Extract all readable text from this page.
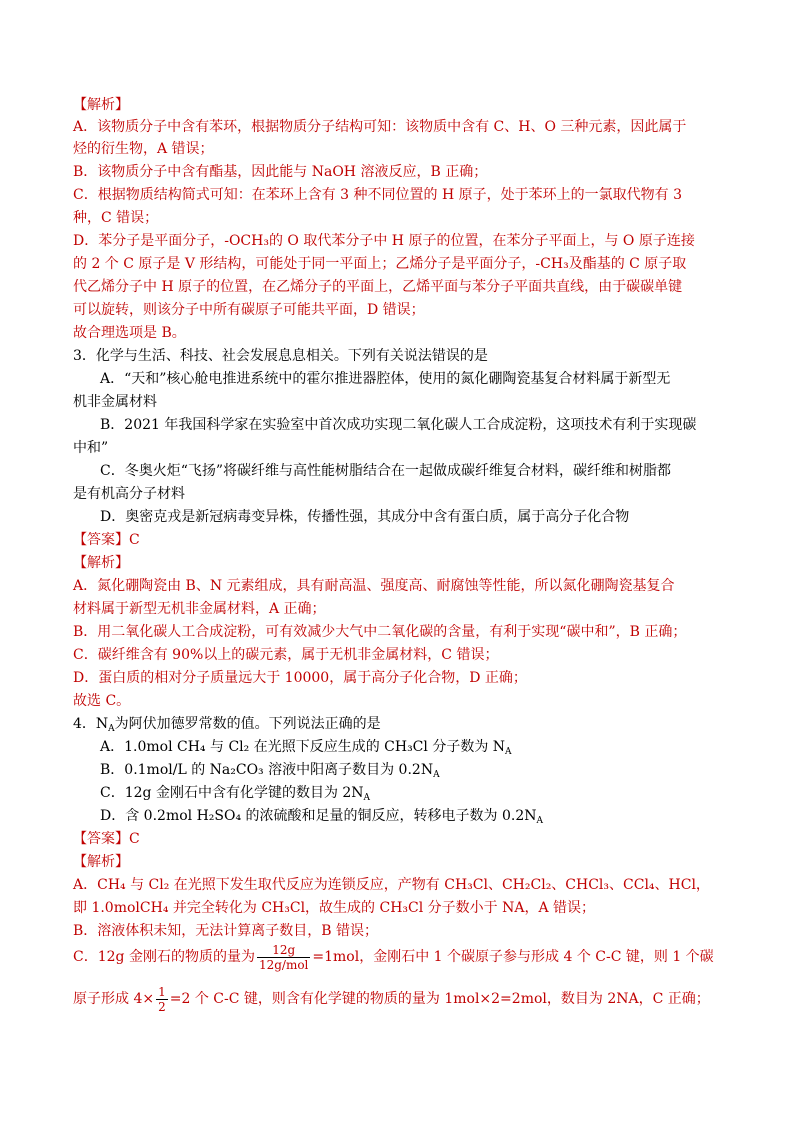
【解析】
A．该物质分子中含有苯环，根据物质分子结构可知：该物质中含有 C、H、O 三种元素，因此属于
烃的衍生物，A 错误；
B．该物质分子中含有酯基，因此能与 NaOH 溶液反应，B 正确；
C．根据物质结构简式可知：在苯环上含有 3 种不同位置的 H 原子，处于苯环上的一氯取代物有 3
种，C 错误；
D．苯分子是平面分子，-OCH₃的 O 取代苯分子中 H 原子的位置，在苯分子平面上，与 O 原子连接
的 2 个 C 原子是 V 形结构，可能处于同一平面上；乙烯分子是平面分子，-CH₃及酯基的 C 原子取
代乙烯分子中 H 原子的位置，在乙烯分子的平面上，乙烯平面与苯分子平面共直线，由于碳碳单键
可以旋转，则该分子中所有碳原子可能共平面，D 错误；
故合理选项是 B。
3．化学与生活、科技、社会发展息息相关。下列有关说法错误的是
A．“天和”核心舱电推进系统中的霍尔推进器腔体，使用的氮化硼陶瓷基复合材料属于新型无
机非金属材料
B．2021 年我国科学家在实验室中首次成功实现二氧化碳人工合成淀粉，这项技术有利于实现碳
中和”
C．冬奥火炬“飞扬”将碳纤维与高性能树脂结合在一起做成碳纤维复合材料，碳纤维和树脂都
是有机高分子材料
D．奥密克戎是新冠病毒变异株，传播性强，其成分中含有蛋白质，属于高分子化合物
【答案】C
【解析】
A．氮化硼陶瓷由 B、N 元素组成，具有耐高温、强度高、耐腐蚀等性能，所以氮化硼陶瓷基复合
材料属于新型无机非金属材料，A 正确；
B．用二氧化碳人工合成淀粉，可有效减少大气中二氧化碳的含量，有利于实现“碳中和”，B 正确；
C．碳纤维含有 90%以上的碳元素，属于无机非金属材料，C 错误；
D．蛋白质的相对分子质量远大于 10000，属于高分子化合物，D 正确；
故选 C。
4．$N_A$为阿伏加德罗常数的值。下列说法正确的是
A．1.0mol CH₄ 与 Cl₂ 在光照下反应生成的 CH₃Cl 分子数为 $N_A$
B．0.1mol/L 的 Na₂CO₃ 溶液中阳离子数目为 $0.2N_A$
C．12g 金刚石中含有化学键的数目为 $2N_A$
D．含 0.2mol H₂SO₄ 的浓硫酸和足量的铜反应，转移电子数为 $0.2N_A$
【答案】C
【解析】
A．CH₄ 与 Cl₂ 在光照下发生取代反应为连锁反应，产物有 CH₃Cl、CH₂Cl₂、CHCl₃、CCl₄、HCl，
即 1.0molCH₄ 并完全转化为 CH₃Cl，故生成的 CH₃Cl 分子数小于 NA，A 错误；
B．溶液体积未知，无法计算离子数目，B 错误；
C．12g 金刚石的物质的量为 $\frac{12g}{\text{12g/mol}} =1mol$，金刚石中 1 个碳原子参与形成 4 个 C-C 键，则 1 个碳
原子形成 $4\times \frac{1}{2} =2$ 个 C-C 键，则含有化学键的物质的量为 1mol×2=2mol，数目为 2NA，C 正确；
